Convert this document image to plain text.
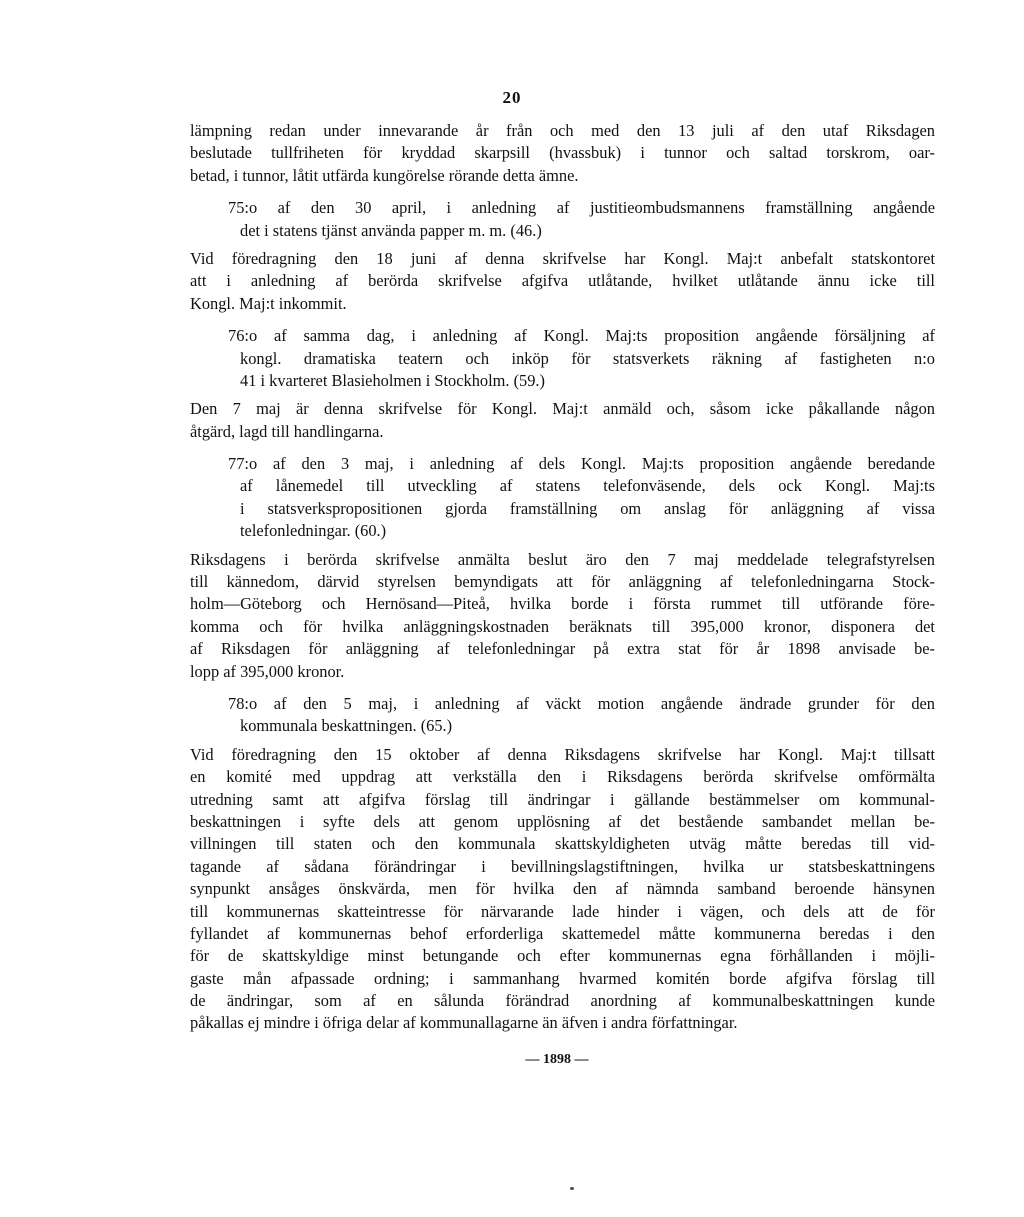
20
lämpning redan under innevarande år från och med den 13 juli af den utaf Riksdagen
beslutade tullfriheten för kryddad skarpsill (hvassbuk) i tunnor och saltad torskrom, oar-
betad, i tunnor, låtit utfärda kungörelse rörande detta ämne.
75:o af den 30 april, i anledning af justitieombudsmannens framställning angående
det i statens tjänst använda papper m. m. (46.)
Vid föredragning den 18 juni af denna skrifvelse har Kongl. Maj:t anbefalt statskontoret
att i anledning af berörda skrifvelse afgifva utlåtande, hvilket utlåtande ännu icke till
Kongl. Maj:t inkommit.
76:o af samma dag, i anledning af Kongl. Maj:ts proposition angående försäljning af
kongl. dramatiska teatern och inköp för statsverkets räkning af fastigheten n:o
41 i kvarteret Blasieholmen i Stockholm. (59.)
Den 7 maj är denna skrifvelse för Kongl. Maj:t anmäld och, såsom icke påkallande någon
åtgärd, lagd till handlingarna.
77:o af den 3 maj, i anledning af dels Kongl. Maj:ts proposition angående beredande
af lånemedel till utveckling af statens telefonväsende, dels ock Kongl. Maj:ts
i statsverkspropositionen gjorda framställning om anslag för anläggning af vissa
telefonledningar. (60.)
Riksdagens i berörda skrifvelse anmälta beslut äro den 7 maj meddelade telegrafstyrelsen
till kännedom, därvid styrelsen bemyndigats att för anläggning af telefonledningarna Stock-
holm—Göteborg och Hernösand—Piteå, hvilka borde i första rummet till utförande före-
komma och för hvilka anläggningskostnaden beräknats till 395,000 kronor, disponera det
af Riksdagen för anläggning af telefonledningar på extra stat för år 1898 anvisade be-
lopp af 395,000 kronor.
78:o af den 5 maj, i anledning af väckt motion angående ändrade grunder för den
kommunala beskattningen. (65.)
Vid föredragning den 15 oktober af denna Riksdagens skrifvelse har Kongl. Maj:t tillsatt
en komité med uppdrag att verkställa den i Riksdagens berörda skrifvelse omförmälta
utredning samt att afgifva förslag till ändringar i gällande bestämmelser om kommunal-
beskattningen i syfte dels att genom upplösning af det bestående sambandet mellan be-
villningen till staten och den kommunala skattskyldigheten utväg måtte beredas till vid-
tagande af sådana förändringar i bevillningslagstiftningen, hvilka ur statsbeskattningens
synpunkt ansåges önskvärda, men för hvilka den af nämnda samband beroende hänsynen
till kommunernas skatteintresse för närvarande lade hinder i vägen, och dels att de för
fyllandet af kommunernas behof erforderliga skattemedel måtte kommunerna beredas i den
för de skattskyldige minst betungande och efter kommunernas egna förhållanden i möjli-
gaste mån afpassade ordning; i sammanhang hvarmed komitén borde afgifva förslag till
de ändringar, som af en sålunda förändrad anordning af kommunalbeskattningen kunde
påkallas ej mindre i öfriga delar af kommunallagarne än äfven i andra författningar.
— 1898 —
